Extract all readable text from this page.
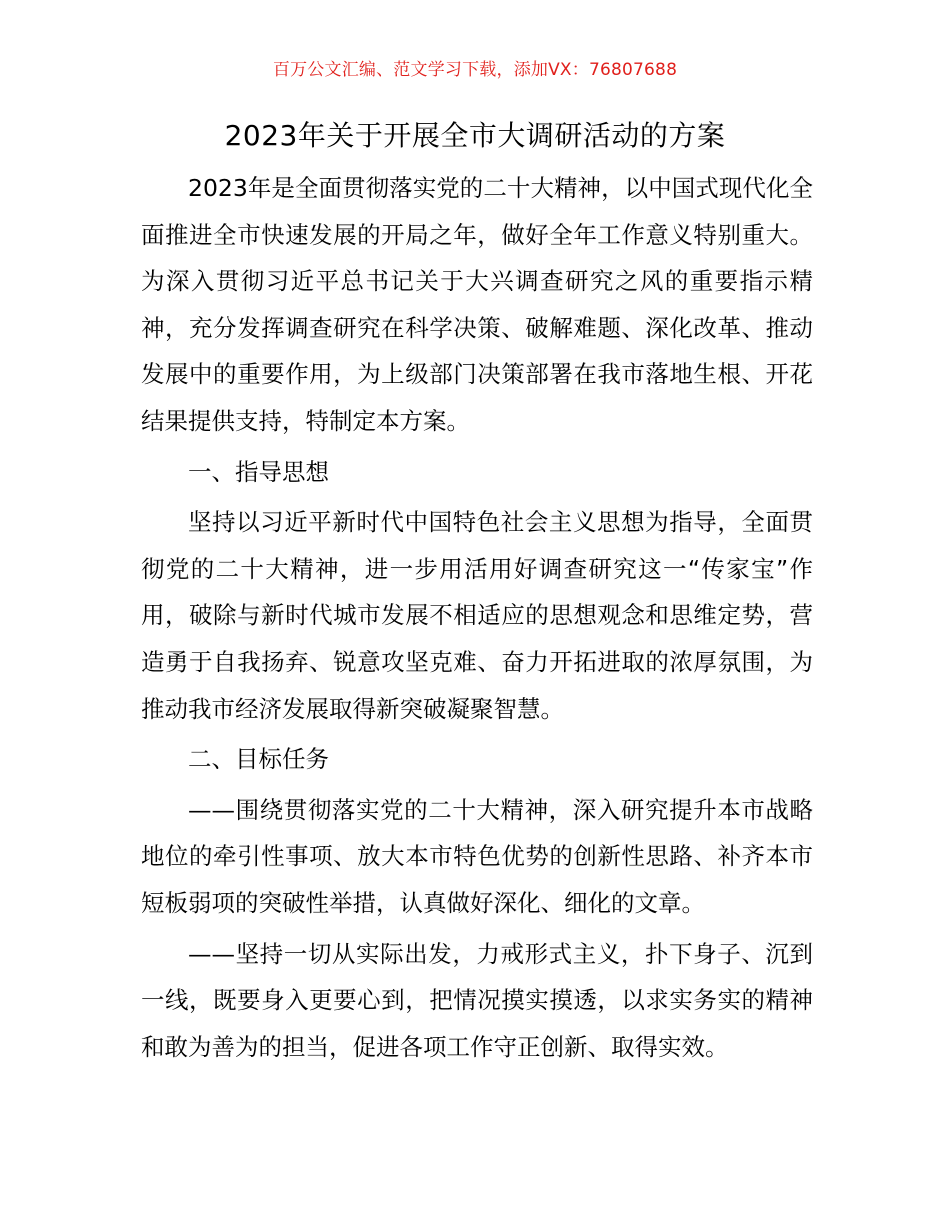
百万公文汇编、范文学习下载，添加VX：76807688
2023年关于开展全市大调研活动的方案

2023年是全面贯彻落实党的二十大精神，以中国式现代化全面推进全市快速发展的开局之年，做好全年工作意义特别重大。为深入贯彻习近平总书记关于大兴调查研究之风的重要指示精神，充分发挥调查研究在科学决策、破解难题、深化改革、推动发展中的重要作用，为上级部门决策部署在我市落地生根、开花结果提供支持，特制定本方案。

一、指导思想

坚持以习近平新时代中国特色社会主义思想为指导，全面贯彻党的二十大精神，进一步用活用好调查研究这一“传家宝”作用，破除与新时代城市发展不相适应的思想观念和思维定势，营造勇于自我扬弃、锐意攻坚克难、奋力开拓进取的浓厚氛围，为推动我市经济发展取得新突破凝聚智慧。

二、目标任务

——围绕贯彻落实党的二十大精神，深入研究提升本市战略地位的牵引性事项、放大本市特色优势的创新性思路、补齐本市短板弱项的突破性举措，认真做好深化、细化的文章。

——坚持一切从实际出发，力戒形式主义，扑下身子、沉到一线，既要身入更要心到，把情况摸实摸透，以求实务实的精神和敢为善为的担当，促进各项工作守正创新、取得实效。
